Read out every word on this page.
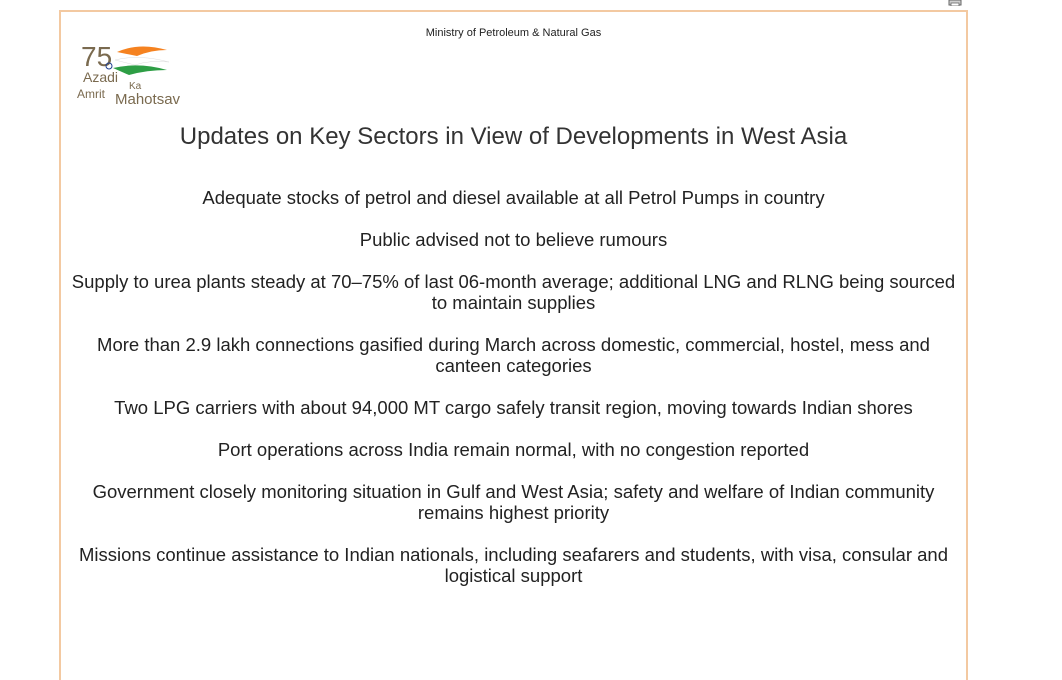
Ministry of Petroleum & Natural Gas
75
Azadi
Ka
Amrit Mahotsav
Updates on Key Sectors in View of Developments in West Asia
Adequate stocks of petrol and diesel available at all Petrol Pumps in country
Public advised not to believe rumours
Supply to urea plants steady at 70–75% of last 06-month average; additional LNG and RLNG being sourced to maintain supplies
More than 2.9 lakh connections gasified during March across domestic, commercial, hostel, mess and canteen categories
Two LPG carriers with about 94,000 MT cargo safely transit region, moving towards Indian shores
Port operations across India remain normal, with no congestion reported
Government closely monitoring situation in Gulf and West Asia; safety and welfare of Indian community remains highest priority
Missions continue assistance to Indian nationals, including seafarers and students, with visa, consular and logistical support
